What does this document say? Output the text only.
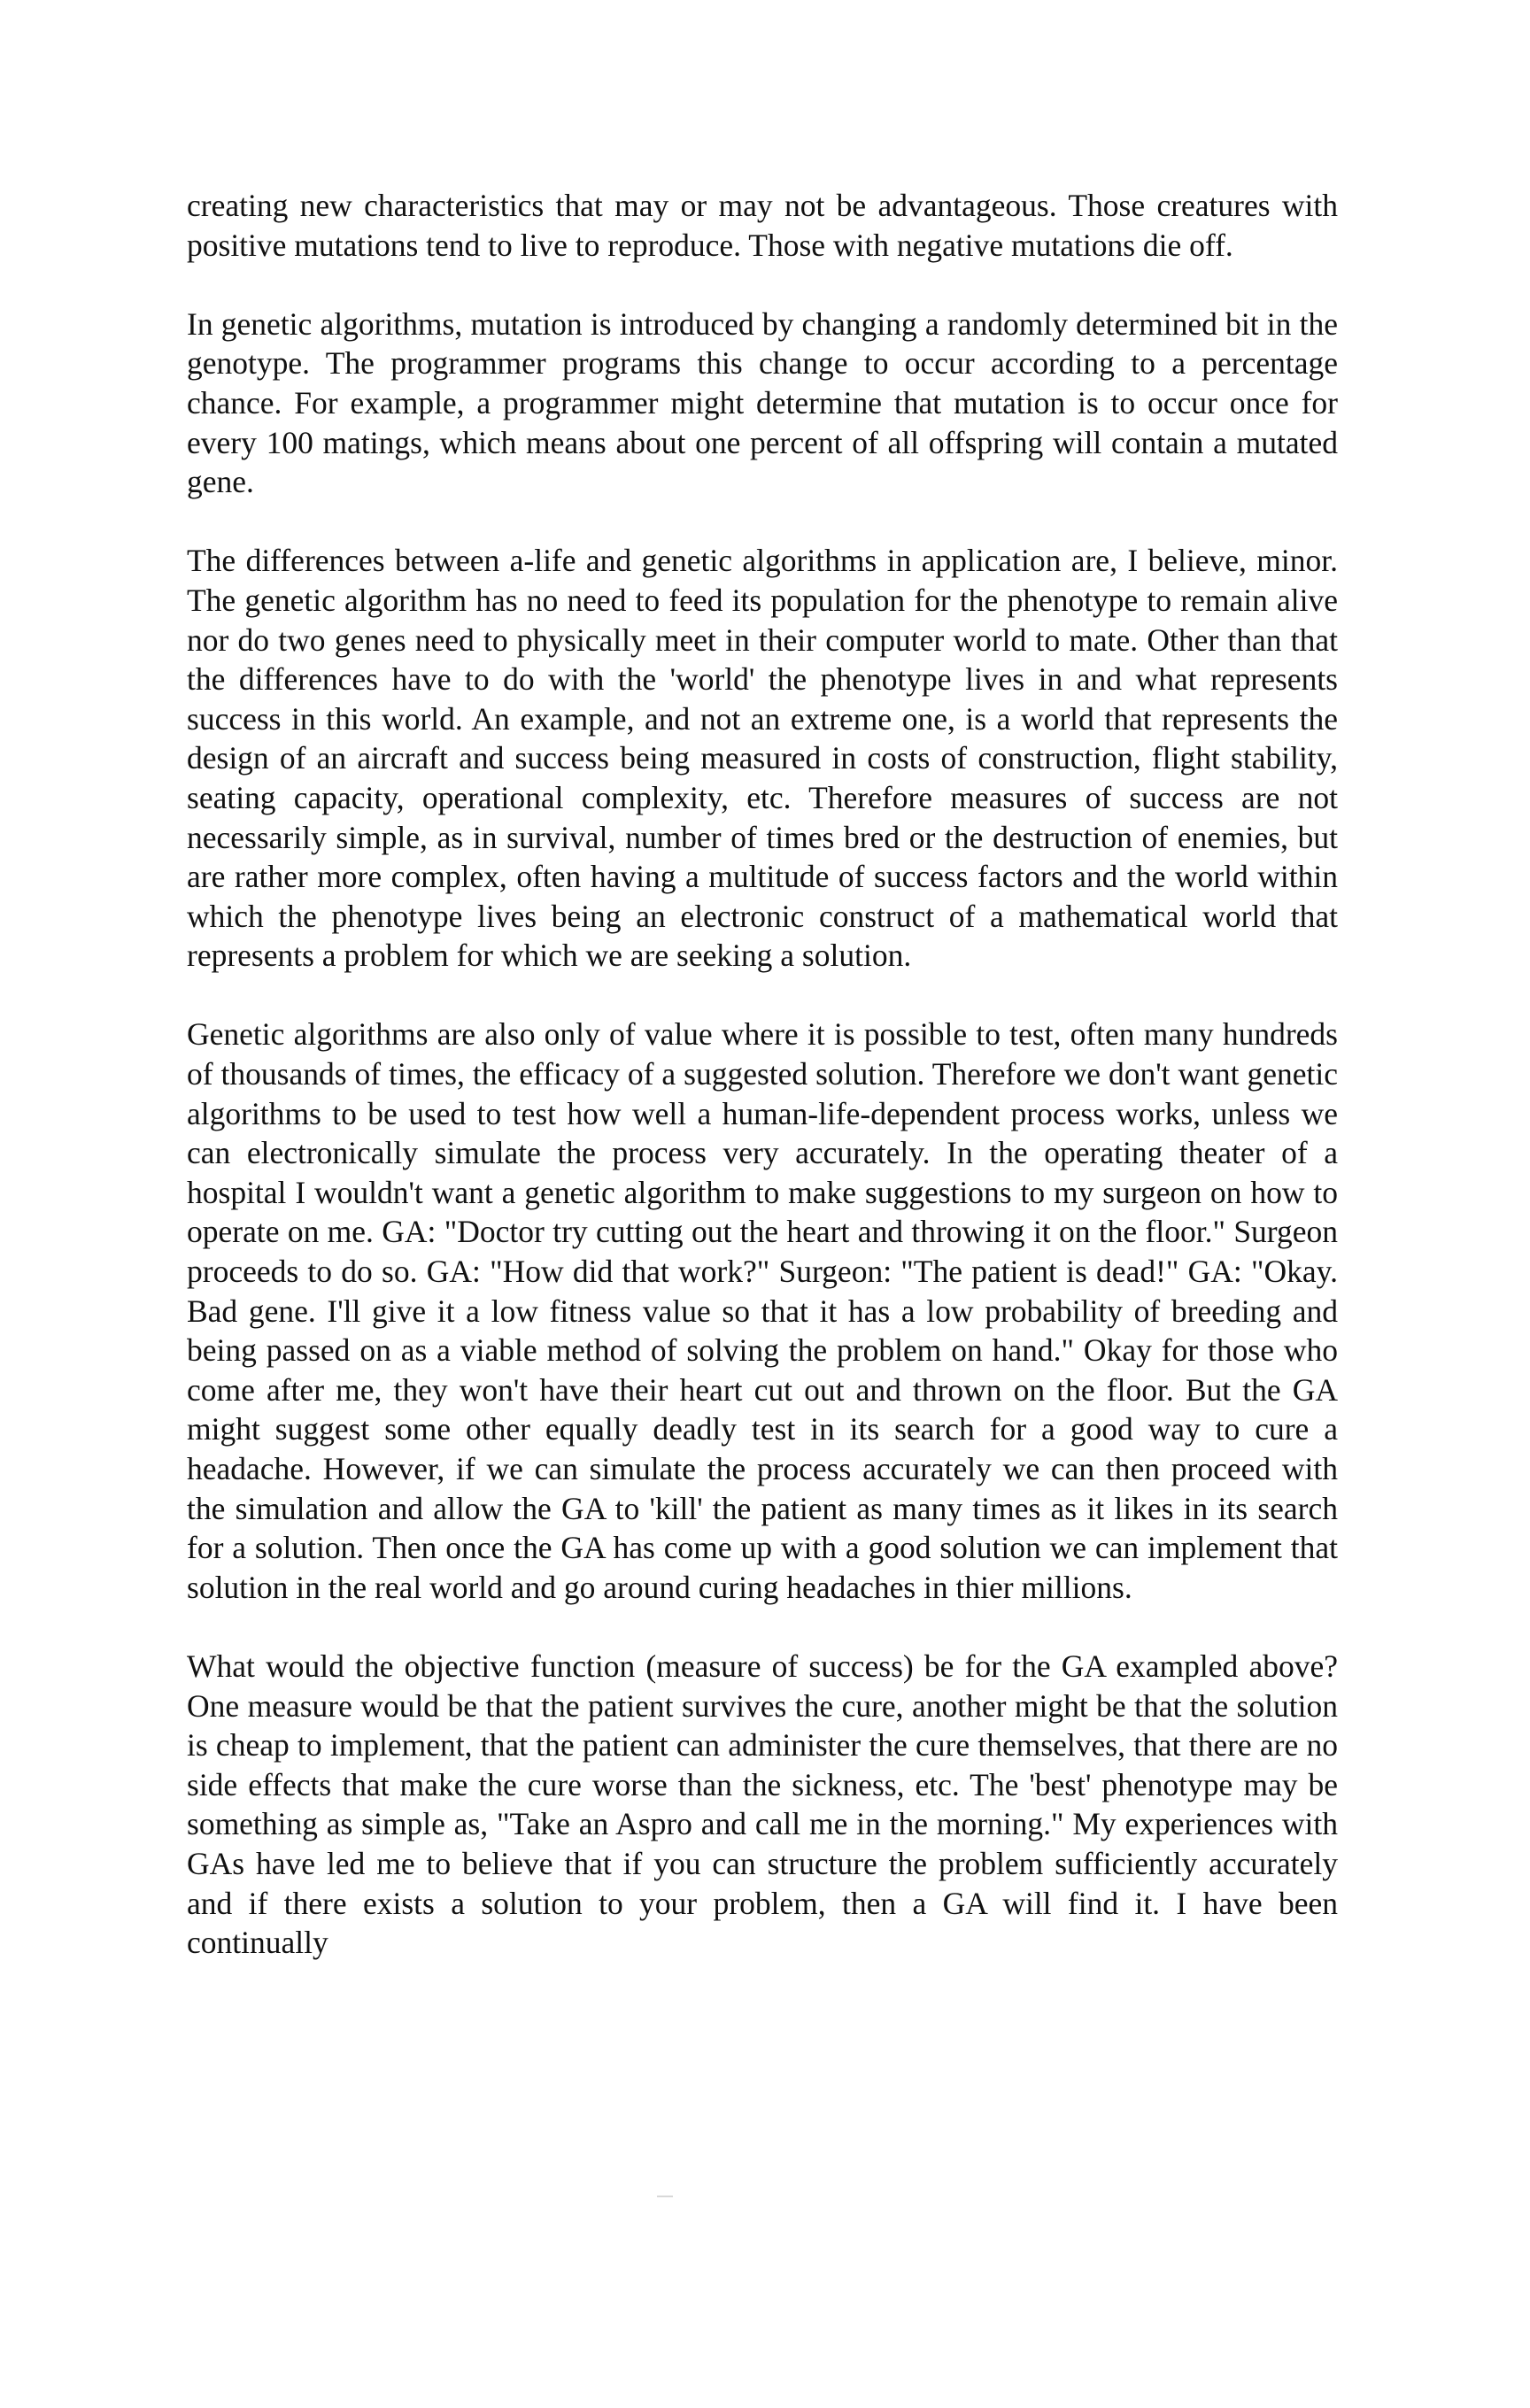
creating new characteristics that may or may not be advantageous. Those creatures with positive mutations tend to live to reproduce. Those with negative mutations die off.

In genetic algorithms, mutation is introduced by changing a randomly determined bit in the genotype. The programmer programs this change to occur according to a percentage chance. For example, a programmer might determine that mutation is to occur once for every 100 matings, which means about one percent of all offspring will contain a mutated gene.

The differences between a-life and genetic algorithms in application are, I believe, minor. The genetic algorithm has no need to feed its population for the phenotype to remain alive nor do two genes need to physically meet in their computer world to mate. Other than that the differences have to do with the 'world' the phenotype lives in and what represents success in this world. An example, and not an extreme one, is a world that represents the design of an aircraft and success being measured in costs of construction, flight stability, seating capacity, operational complexity, etc. Therefore measures of success are not necessarily simple, as in survival, number of times bred or the destruction of enemies, but are rather more complex, often having a multitude of success factors and the world within which the phenotype lives being an electronic construct of a mathematical world that represents a problem for which we are seeking a solution.

Genetic algorithms are also only of value where it is possible to test, often many hundreds of thousands of times, the efficacy of a suggested solution. Therefore we don't want genetic algorithms to be used to test how well a human-life-dependent process works, unless we can electronically simulate the process very accurately. In the operating theater of a hospital I wouldn't want a genetic algorithm to make suggestions to my surgeon on how to operate on me. GA: "Doctor try cutting out the heart and throwing it on the floor." Surgeon proceeds to do so. GA: "How did that work?" Surgeon: "The patient is dead!" GA: "Okay. Bad gene. I'll give it a low fitness value so that it has a low probability of breeding and being passed on as a viable method of solving the problem on hand." Okay for those who come after me, they won't have their heart cut out and thrown on the floor. But the GA might suggest some other equally deadly test in its search for a good way to cure a headache. However, if we can simulate the process accurately we can then proceed with the simulation and allow the GA to 'kill' the patient as many times as it likes in its search for a solution. Then once the GA has come up with a good solution we can implement that solution in the real world and go around curing headaches in thier millions.

What would the objective function (measure of success) be for the GA exampled above? One measure would be that the patient survives the cure, another might be that the solution is cheap to implement, that the patient can administer the cure themselves, that there are no side effects that make the cure worse than the sickness, etc. The 'best' phenotype may be something as simple as, "Take an Aspro and call me in the morning." My experiences with GAs have led me to believe that if you can structure the problem sufficiently accurately and if there exists a solution to your problem, then a GA will find it. I have been continually
